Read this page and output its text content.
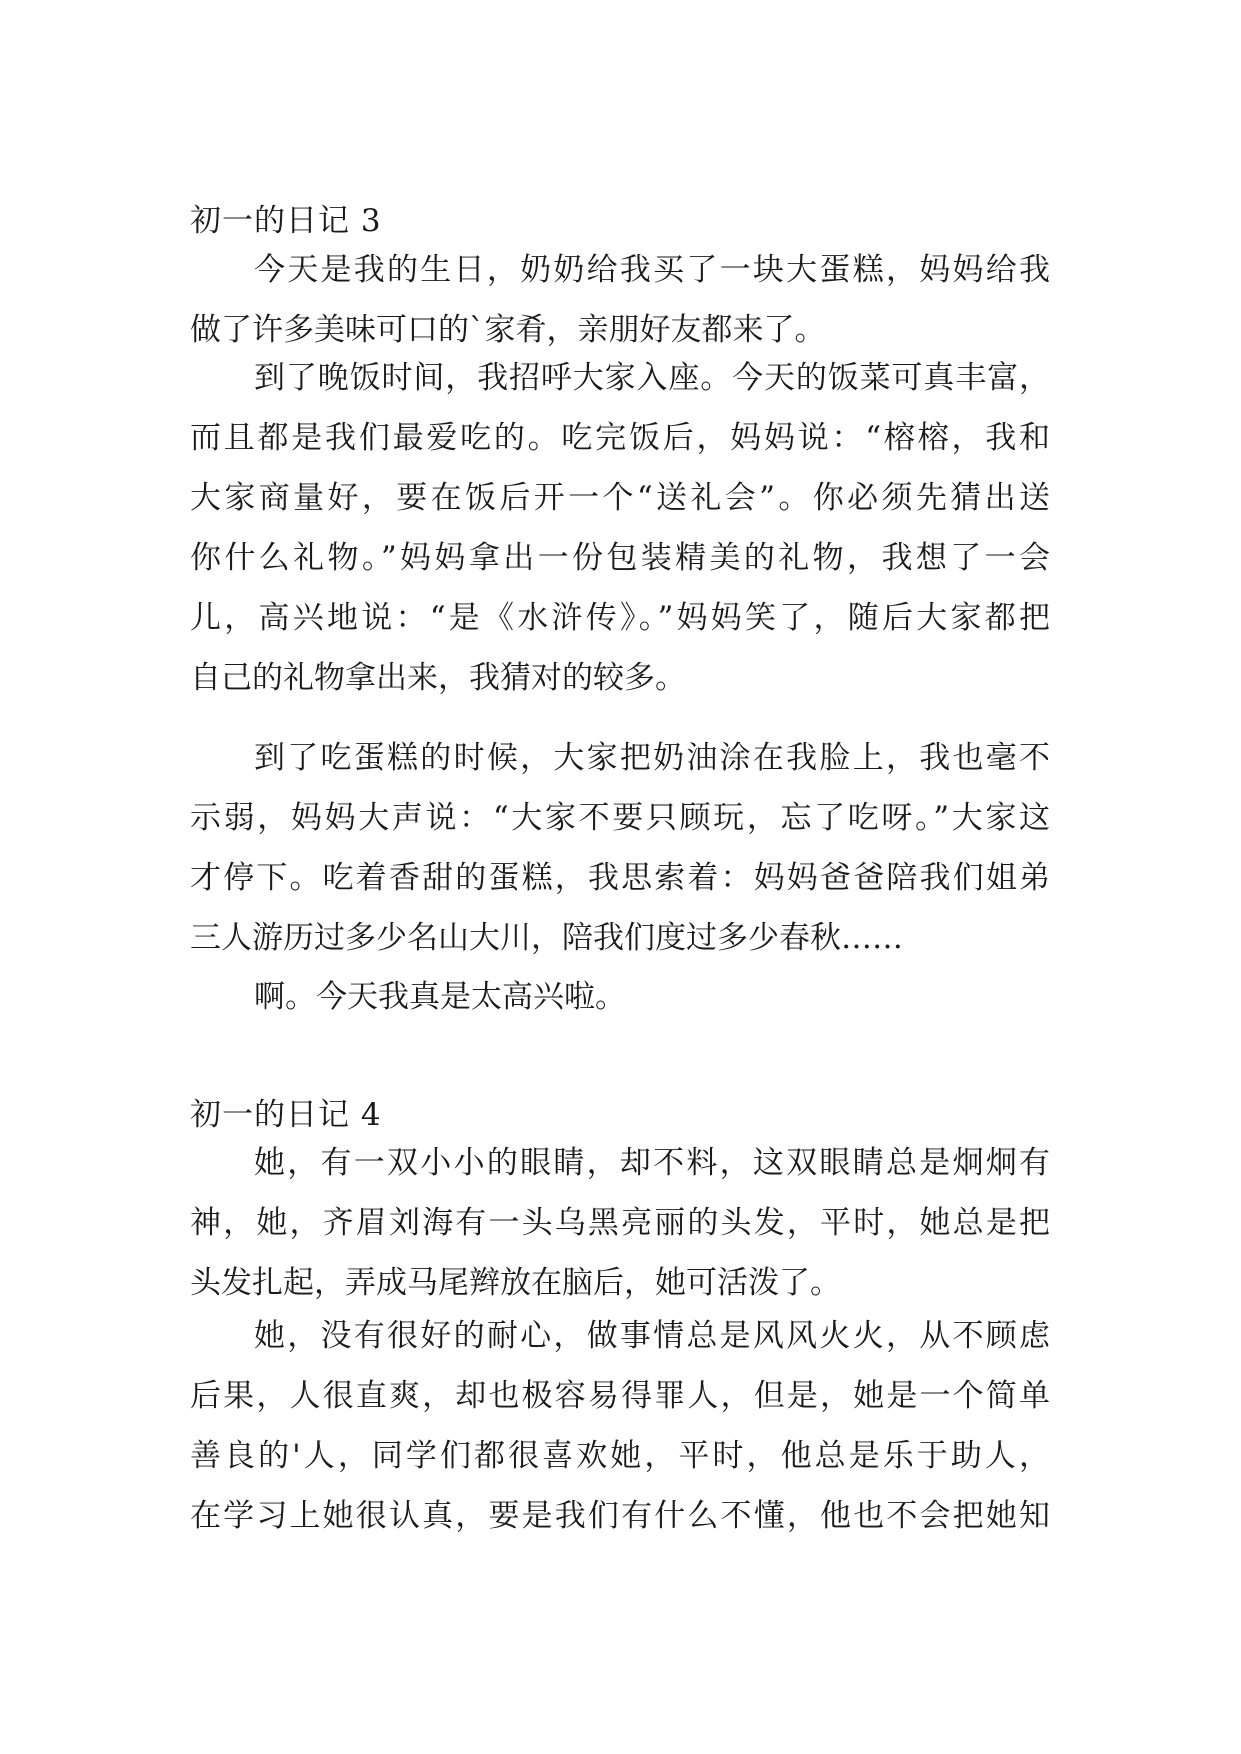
初一的日记 3
今天是我的生日，奶奶给我买了一块大蛋糕，妈妈给我
做了许多美味可口的`家肴，亲朋好友都来了。
到了晚饭时间，我招呼大家入座。今天的饭菜可真丰富，
而且都是我们最爱吃的。吃完饭后，妈妈说：“榕榕，我和
大家商量好，要在饭后开一个“送礼会”。你必须先猜出送
你什么礼物。”妈妈拿出一份包装精美的礼物，我想了一会
儿，高兴地说：“是《水浒传》。”妈妈笑了，随后大家都把
自己的礼物拿出来，我猜对的较多。
到了吃蛋糕的时候，大家把奶油涂在我脸上，我也毫不
示弱，妈妈大声说：“大家不要只顾玩，忘了吃呀。”大家这
才停下。吃着香甜的蛋糕，我思索着：妈妈爸爸陪我们姐弟
三人游历过多少名山大川，陪我们度过多少春秋……
啊。今天我真是太高兴啦。
初一的日记 4
她，有一双小小的眼睛，却不料，这双眼睛总是炯炯有
神，她，齐眉刘海有一头乌黑亮丽的头发，平时，她总是把
头发扎起，弄成马尾辫放在脑后，她可活泼了。
她，没有很好的耐心，做事情总是风风火火，从不顾虑
后果，人很直爽，却也极容易得罪人，但是，她是一个简单
善良的'人，同学们都很喜欢她，平时，他总是乐于助人，
在学习上她很认真，要是我们有什么不懂，他也不会把她知
